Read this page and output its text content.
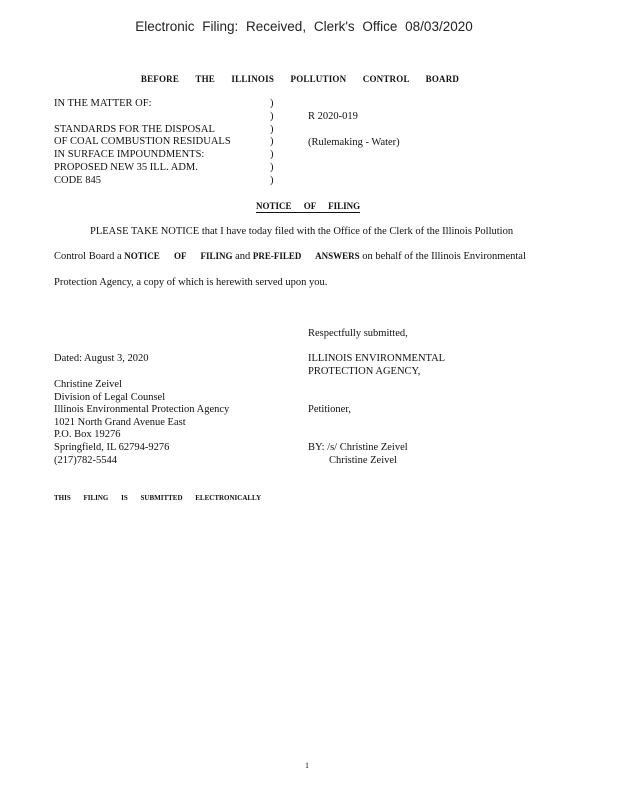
Electronic Filing: Received, Clerk's Office 08/03/2020
BEFORE THE ILLINOIS POLLUTION CONTROL BOARD
IN THE MATTER OF:
STANDARDS FOR THE DISPOSAL
OF COAL COMBUSTION RESIDUALS
IN SURFACE IMPOUNDMENTS:
PROPOSED NEW 35 ILL. ADM.
CODE 845
)
)
)
)
)
)
)
R 2020-019
(Rulemaking - Water)
NOTICE OF FILING
PLEASE TAKE NOTICE that I have today filed with the Office of the Clerk of the Illinois Pollution
Control Board a NOTICE OF FILING and PRE-FILED ANSWERS on behalf of the Illinois Environmental
Protection Agency, a copy of which is herewith served upon you.
Respectfully submitted,
Dated: August 3, 2020	ILLINOIS ENVIRONMENTAL
PROTECTION AGENCY,
Christine Zeivel
Division of Legal Counsel
Illinois Environmental Protection Agency
1021 North Grand Avenue East
P.O. Box 19276
Springfield, IL 62794-9276
(217)782-5544
Petitioner,
BY: /s/ Christine Zeivel
Christine Zeivel
THIS FILING IS SUBMITTED ELECTRONICALLY
1
